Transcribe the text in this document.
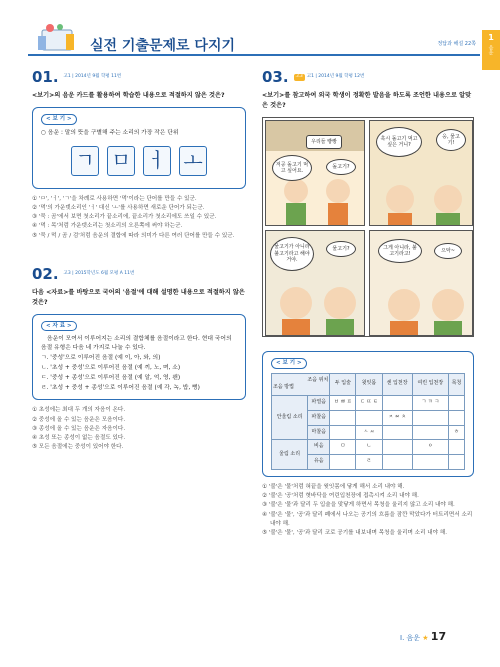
1
음운
실전 기출문제로 다지기	정답과 해설 22쪽
01. 고1 | 2014년 9월 학평 11번
<보기>의 음운 카드를 활용하여 학습한 내용으로 적절하지 않은 것은?
< 보 기 >
○ 음운 : 말의 뜻을 구별해 주는 소리의 가장 작은 단위
ㄱ ㅁ ㅓ ㅗ
① 'ㅁ', 'ㅓ', 'ㄱ'을 차례로 사용하면 '먹'이라는 단어를 만들 수 있군.
② '먹'의 가운뎃소리인 'ㅓ' 대신 'ㅗ'를 사용하면 새로운 단어가 되는군.
③ '묵 : 곰'에서 보면 첫소리가 끝소리에, 끝소리가 첫소리에도 쓰일 수 있군.
④ '먹 : 목'처럼 가운뎃소리는 첫소리의 오른쪽에 써야 하는군.
⑤ '묵 / 먹 / 곰 / 검'처럼 음운의 결합에 따라 의미가 다른 여러 단어를 만들 수 있군.
02. 고3 | 2015학년도 6월 모평 A 11번
다음 <자료>를 바탕으로 국어의 '음절'에 대해 설명한 내용으로 적절하지 않은 것은?
< 자 료 >
음운이 모여서 이루어지는 소리의 결합체를 음절이라고 한다. 현대 국어의 음절 유형은 다음 네 가지로 나눌 수 있다.
ㄱ. '중성'으로 이루어진 음절 (예 이, 아, 와, 의)
ㄴ. '초성 + 중성'으로 이루어진 음절 (예 끼, 노, 며, 소)
ㄷ. '중성 + 종성'으로 이루어진 음절 (예 알, 억, 영, 왠)
ㄹ. '초성 + 중성 + 종성'으로 이루어진 음절 (예 각, 녹, 밥, 뻥)
① 초성에는 최대 두 개의 자음이 온다.
② 중성에 올 수 있는 음운은 모음이다.
③ 종성에 올 수 있는 음운은 자음이다.
④ 초성 또는 종성이 없는 음절도 있다.
⑤ 모든 음절에는 중성이 있어야 한다.
03. 고3 고1 | 2014년 9월 학평 12번
<보기>를 참고하여 외국 학생이 정확한 발음을 하도록 조언한 내용으로 알맞은 것은?
우리들 빵빵
저공 돌고기 먹고 싶어요.
돌고기?
혹시 돌고기 먹고 싶은 거니?
응, 물고기!
물고기가 아니라 불고기라고 해야 거야.
물고기?	그게 아니라, 불고기라고!
으악~
< 보 기 >
조음 위치
조음 방법		두 입술	윗잇몸	센 입천장	여린 입천장	목청
안울림 소리	파열음	ㅂ ㅃ ㅍ	ㄷ ㄸ ㅌ		ㄱ ㄲ ㅋ	
	파찰음			ㅈ ㅉ ㅊ		
	마찰음		ㅅ ㅆ			ㅎ
울림 소리	비음	ㅁ	ㄴ		ㅇ	
	유음		ㄹ			
① '불'은 '물'처럼 혀끝을 윗잇몸에 닿게 해서 소리 내야 해.
② '불'은 '공'처럼 혓바닥을 여린입천장에 접촉시켜 소리 내야 해.
③ '불'은 '물'과 달리 두 입술을 맞닿게 하면서 목청을 울리지 않고 소리 내야 해.
④ '불'은 '물', '공'과 달리 폐에서 나오는 공기의 흐름을 잠깐 막았다가 터트리면서 소리 내야 해.
⑤ '불'은 '물', '공'과 달리 코로 공기를 내보내며 목청을 울리며 소리 내야 해.
I. 음운 ★ 17
